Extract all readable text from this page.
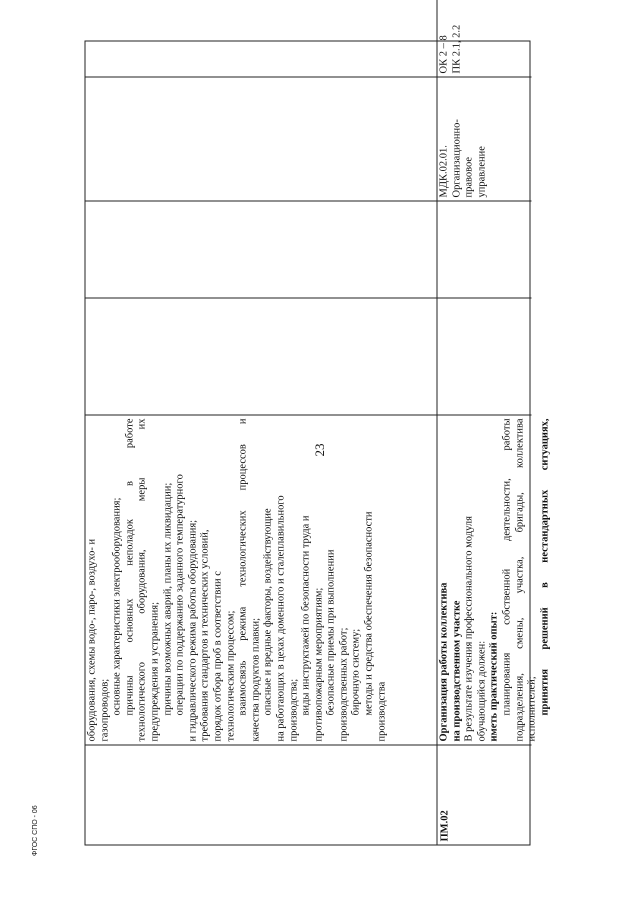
23
ФГОС СПО - 06
оборудования, схемы водо-, паро-, воздухо- и газопроводов; основные характеристики электрооборудования; причины основных неполадок в работе технологического оборудования, меры их предупреждения и устранения; причины возможных аварий, планы их ликвидации; операции по поддержанию заданного температурного и гидравлического режима работы оборудования; требования стандартов и технических условий, порядок отбора проб в соответствии с технологическим процессом; взаимосвязь режима технологических процессов и качества продуктов плавки; опасные и вредные факторы, воздействующие на работающих в цехах доменного и сталеплавильного производства; виды инструктажей по безопасности труда и противопожарным мероприятиям; безопасные приемы при выполнении производственных работ; бирочную систему; методы и средства обеспечения безопасности производства
ПМ.02
Организация работы коллектива на производственном участке В результате изучения профессионального модуля обучающийся должен: иметь практический опыт: планирования собственной деятельности, работы подразделения, смены, участка, бригады, коллектива исполнителей; принятия решений в нестандартных ситуациях,
МДК.02.01. Организационно- правовое управление
ОК 2 – 8 ПК 2.1, 2.2
